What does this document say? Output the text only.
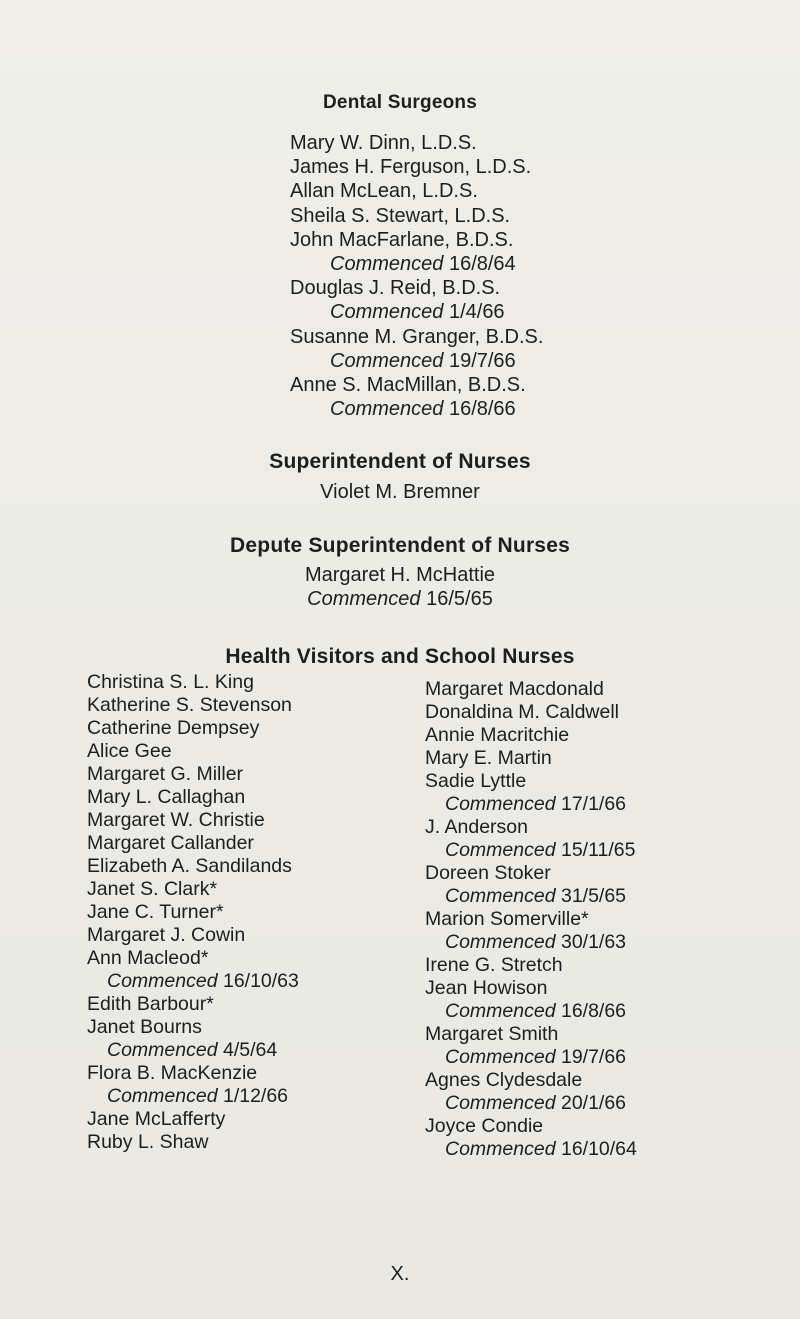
Dental Surgeons
Mary W. Dinn, L.D.S.
James H. Ferguson, L.D.S.
Allan McLean, L.D.S.
Sheila S. Stewart, L.D.S.
John MacFarlane, B.D.S.
Commenced 16/8/64
Douglas J. Reid, B.D.S.
Commenced 1/4/66
Susanne M. Granger, B.D.S.
Commenced 19/7/66
Anne S. MacMillan, B.D.S.
Commenced 16/8/66
Superintendent of Nurses
Violet M. Bremner
Depute Superintendent of Nurses
Margaret H. McHattie
Commenced 16/5/65
Health Visitors and School Nurses
Christina S. L. King
Katherine S. Stevenson
Catherine Dempsey
Alice Gee
Margaret G. Miller
Mary L. Callaghan
Margaret W. Christie
Margaret Callander
Elizabeth A. Sandilands
Janet S. Clark*
Jane C. Turner*
Margaret J. Cowin
Ann Macleod*
Commenced 16/10/63
Edith Barbour*
Janet Bourns
Commenced 4/5/64
Flora B. MacKenzie
Commenced 1/12/66
Jane McLafferty
Ruby L. Shaw
Margaret Macdonald
Donaldina M. Caldwell
Annie Macritchie
Mary E. Martin
Sadie Lyttle
Commenced 17/1/66
J. Anderson
Commenced 15/11/65
Doreen Stoker
Commenced 31/5/65
Marion Somerville*
Commenced 30/1/63
Irene G. Stretch
Jean Howison
Commenced 16/8/66
Margaret Smith
Commenced 19/7/66
Agnes Clydesdale
Commenced 20/1/66
Joyce Condie
Commenced 16/10/64
X.
